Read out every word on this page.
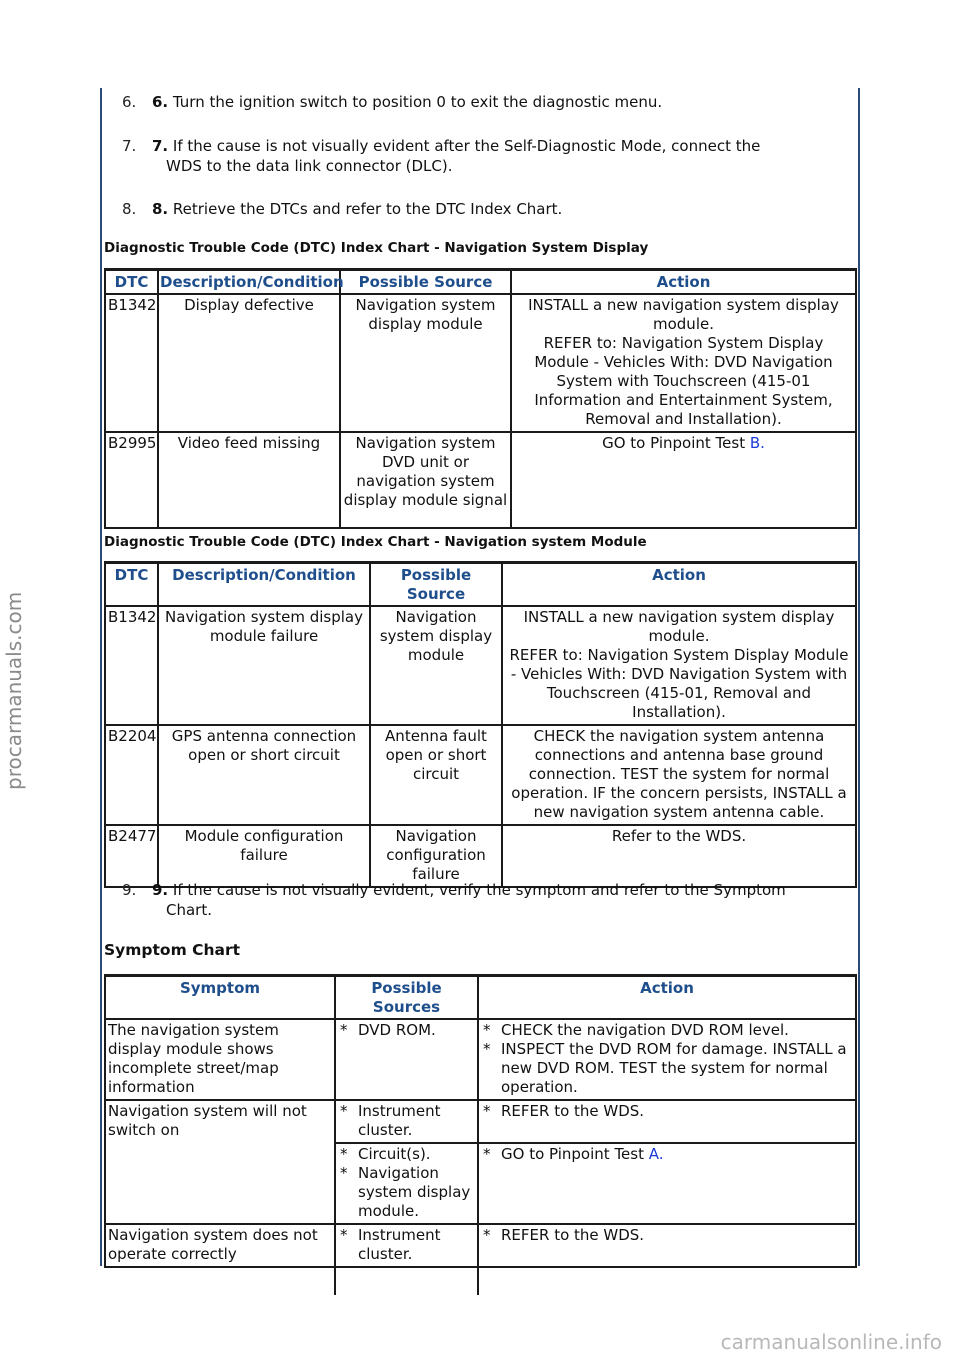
procarmanuals.com
carmanualsonline.info
6. 6. Turn the ignition switch to position 0 to exit the diagnostic menu.
7. 7. If the cause is not visually evident after the Self-Diagnostic Mode, connect the
WDS to the data link connector (DLC).
8. 8. Retrieve the DTCs and refer to the DTC Index Chart.
Diagnostic Trouble Code (DTC) Index Chart - Navigation System Display
DTC	Description/Condition	Possible Source	Action
B1342	Display defective	Navigation system display module	INSTALL a new navigation system display module.
REFER to: Navigation System Display Module - Vehicles With: DVD Navigation System with Touchscreen (415-01 Information and Entertainment System, Removal and Installation).

B2995	Video feed missing	Navigation system DVD unit or navigation system display module signal	GO to Pinpoint Test B.
Diagnostic Trouble Code (DTC) Index Chart - Navigation system Module
DTC	Description/Condition	Possible Source	Action
B1342	Navigation system display module failure	Navigation system display module	INSTALL a new navigation system display module.
REFER to: Navigation System Display Module - Vehicles With: DVD Navigation System with Touchscreen (415-01, Removal and Installation).

B2204	GPS antenna connection open or short circuit	Antenna fault open or short circuit	CHECK the navigation system antenna connections and antenna base ground connection. TEST the system for normal operation. IF the concern persists, INSTALL a new navigation system antenna cable.
B2477	Module configuration failure	Navigation configuration failure	Refer to the WDS.
9. 9. If the cause is not visually evident, verify the symptom and refer to the Symptom
Chart.
Symptom Chart
Symptom	Possible Sources	Action
The navigation system display module shows incomplete street/map information	* DVD ROM.	* CHECK the navigation DVD ROM level.
* INSPECT the DVD ROM for damage. INSTALL a new DVD ROM. TEST the system for normal operation.

Navigation system will not switch on	* Instrument cluster.	* REFER to the WDS.

	* Circuit(s).
* Navigation system display module.	* GO to Pinpoint Test A.

Navigation system does not operate correctly	* Instrument cluster.	* REFER to the WDS.
